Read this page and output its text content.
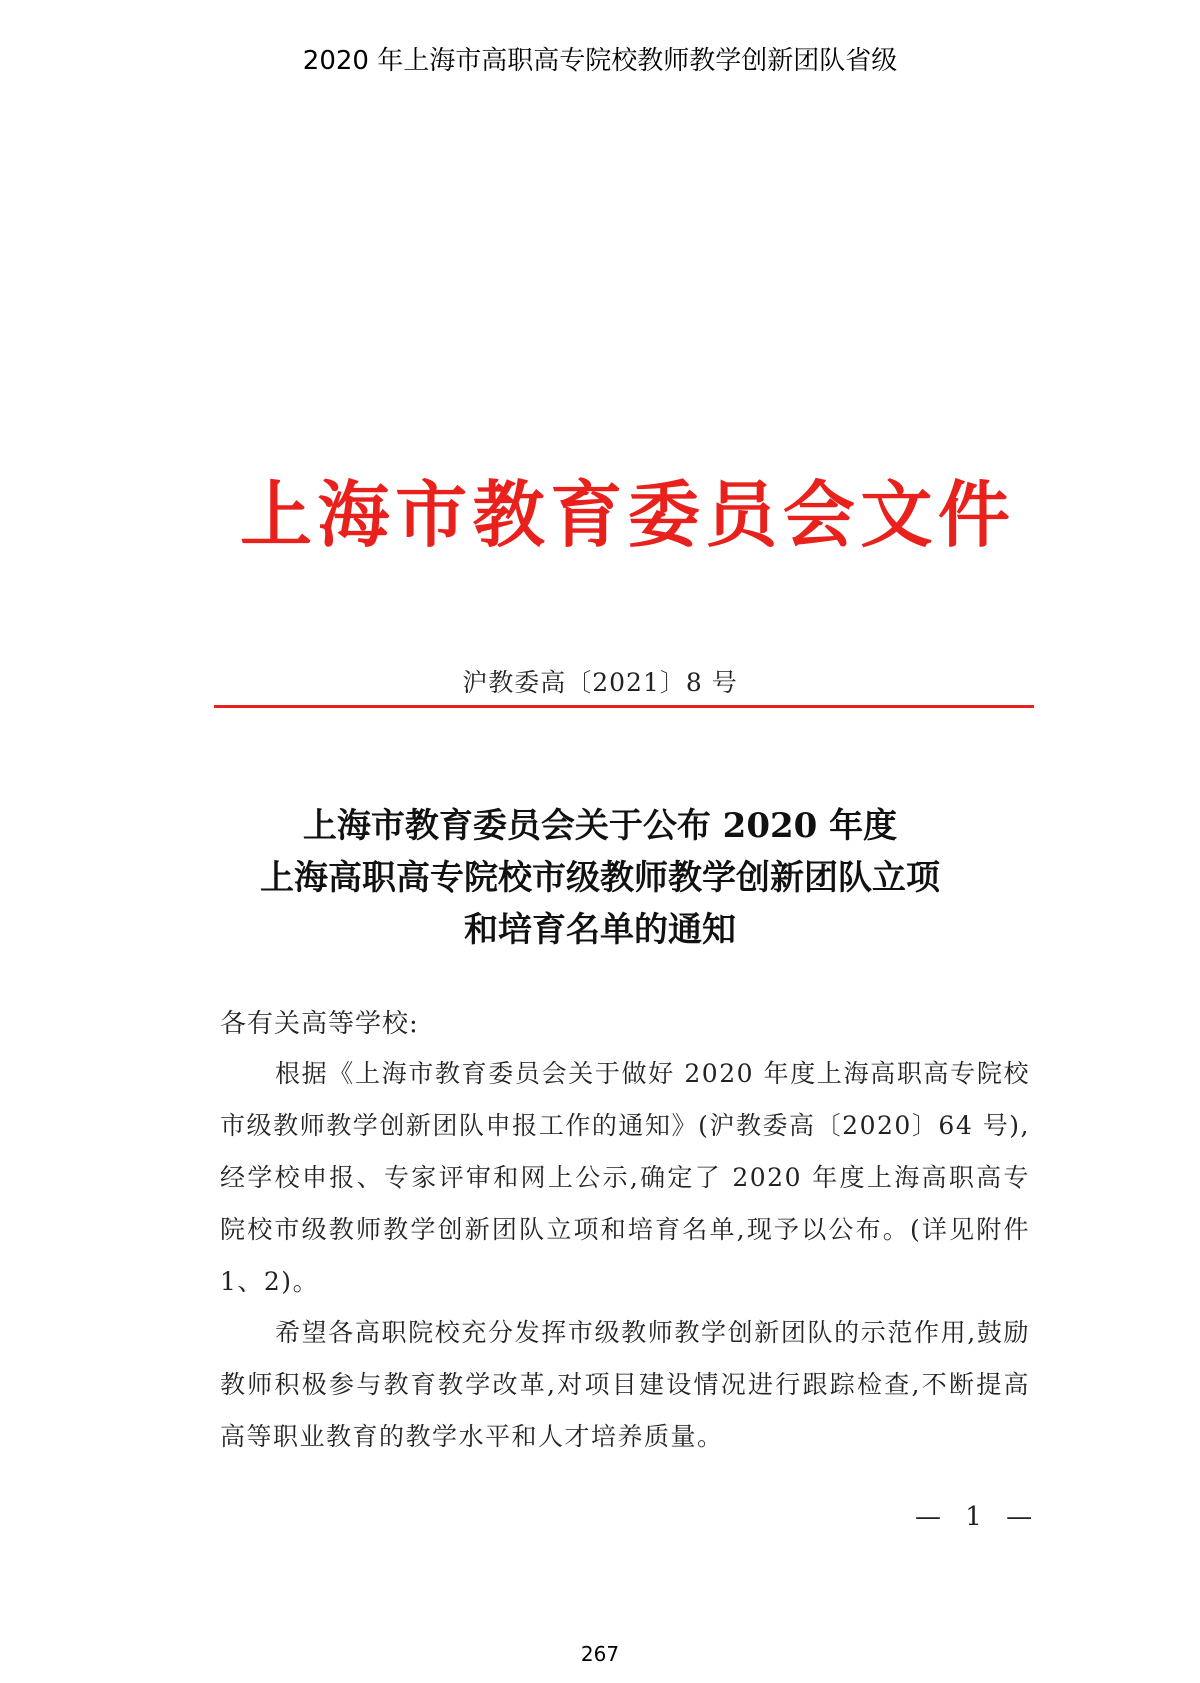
2020 年上海市高职高专院校教师教学创新团队省级
上 海 市 教 育 委 员 会 文 件
沪教委高〔2021〕8 号
上海市教育委员会关于公布 2020 年度
上海高职高专院校市级教师教学创新团队立项
和培育名单的通知
各有关高等学校:

根据《上海市教育委员会关于做好 2020 年度上海高职高专院校市级教师教学创新团队申报工作的通知》(沪教委高〔2020〕64 号),经学校申报、专家评审和网上公示,确定了 2020 年度上海高职高专院校市级教师教学创新团队立项和培育名单,现予以公布。(详见附件 1、2)。

希望各高职院校充分发挥市级教师教学创新团队的示范作用,鼓励教师积极参与教育教学改革,对项目建设情况进行跟踪检查,不断提高高等职业教育的教学水平和人才培养质量。

— 1 —
267
